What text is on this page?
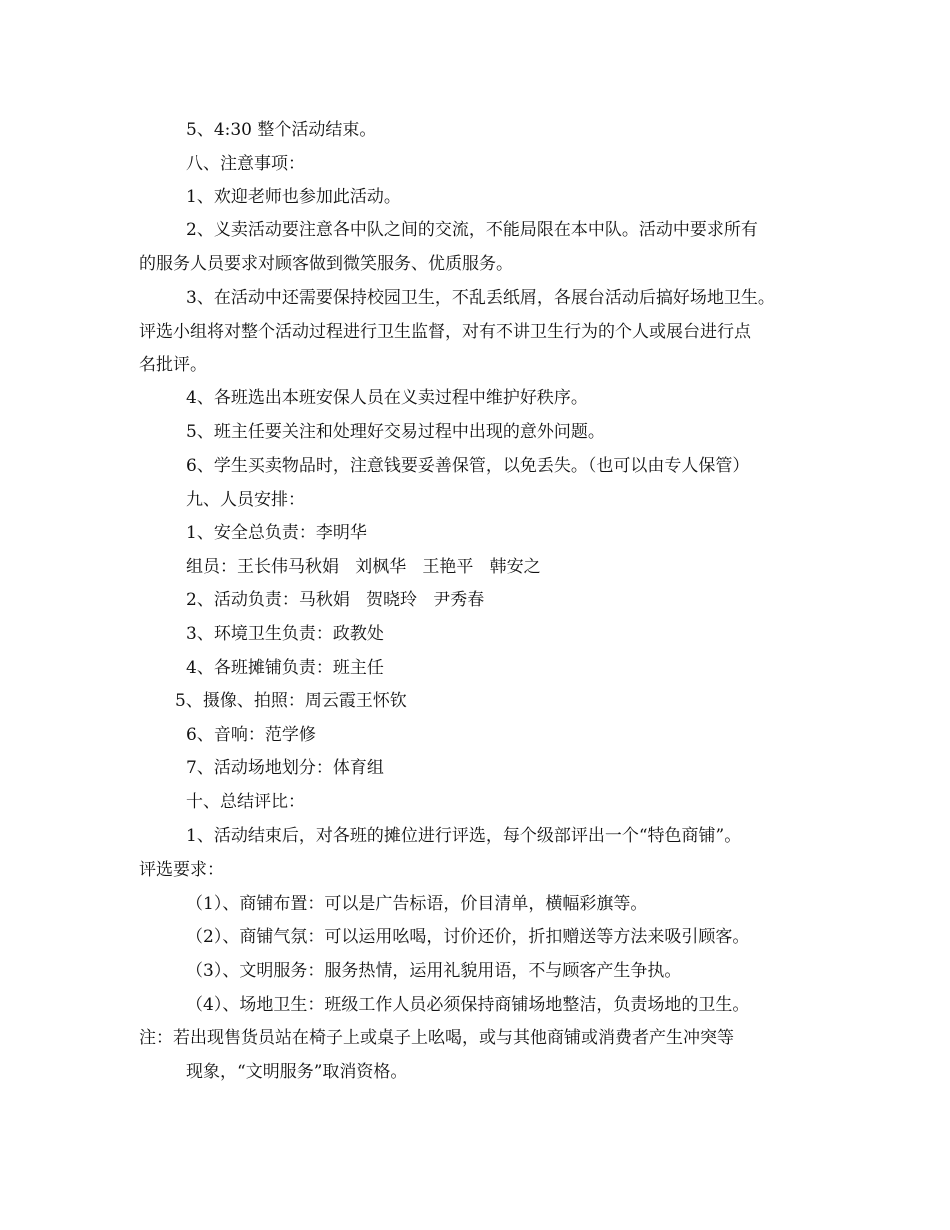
5、4:30 整个活动结束。
八、注意事项：
1、欢迎老师也参加此活动。
2、义卖活动要注意各中队之间的交流，不能局限在本中队。活动中要求所有
的服务人员要求对顾客做到微笑服务、优质服务。
3、在活动中还需要保持校园卫生，不乱丢纸屑，各展台活动后搞好场地卫生。
评选小组将对整个活动过程进行卫生监督，对有不讲卫生行为的个人或展台进行点
名批评。
4、各班选出本班安保人员在义卖过程中维护好秩序。
5、班主任要关注和处理好交易过程中出现的意外问题。
6、学生买卖物品时，注意钱要妥善保管，以免丢失。（也可以由专人保管）
九、人员安排：
1、安全总负责：李明华
组员：王长伟马秋娟   刘枫华   王艳平   韩安之
2、活动负责：马秋娟   贺晓玲   尹秀春
3、环境卫生负责：政教处
4、各班摊铺负责：班主任
5、摄像、拍照：周云霞王怀钦
6、音响：范学修
7、活动场地划分：体育组
十、总结评比：
1、活动结束后，对各班的摊位进行评选，每个级部评出一个“特色商铺”。
评选要求：
（1）、商铺布置：可以是广告标语，价目清单，横幅彩旗等。
（2）、商铺气氛：可以运用吆喝，讨价还价，折扣赠送等方法来吸引顾客。
（3）、文明服务：服务热情，运用礼貌用语，不与顾客产生争执。
（4）、场地卫生：班级工作人员必须保持商铺场地整洁，负责场地的卫生。
注：若出现售货员站在椅子上或桌子上吆喝，或与其他商铺或消费者产生冲突等
现象，“文明服务”取消资格。
